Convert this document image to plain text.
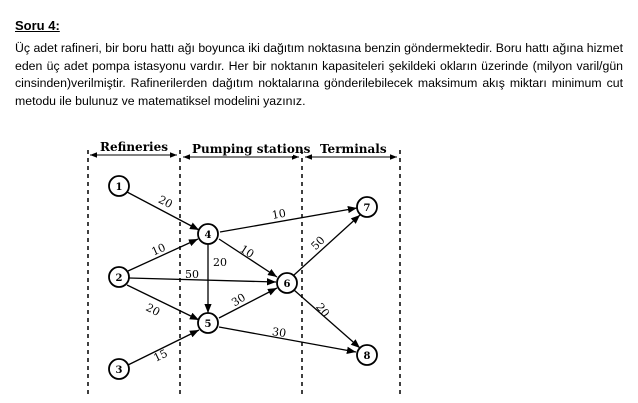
Soru 4:
Üç adet rafineri, bir boru hattı ağı boyunca iki dağıtım noktasına benzin göndermektedir. Boru hattı ağına hizmet eden üç adet pompa istasyonu vardır. Her bir noktanın kapasiteleri şekildeki okların üzerinde (milyon varil/gün cinsinden)verilmiştir. Rafinerilerden dağıtım noktalarına gönderilebilecek maksimum akış miktarı minimum cut metodu ile bulunuz ve matematiksel modelini yazınız.
Refineries Pumping stations Terminals
20
10
50
20
15
10
10
20
30
30
50
20
1
2
3
4
5
6
7
8
